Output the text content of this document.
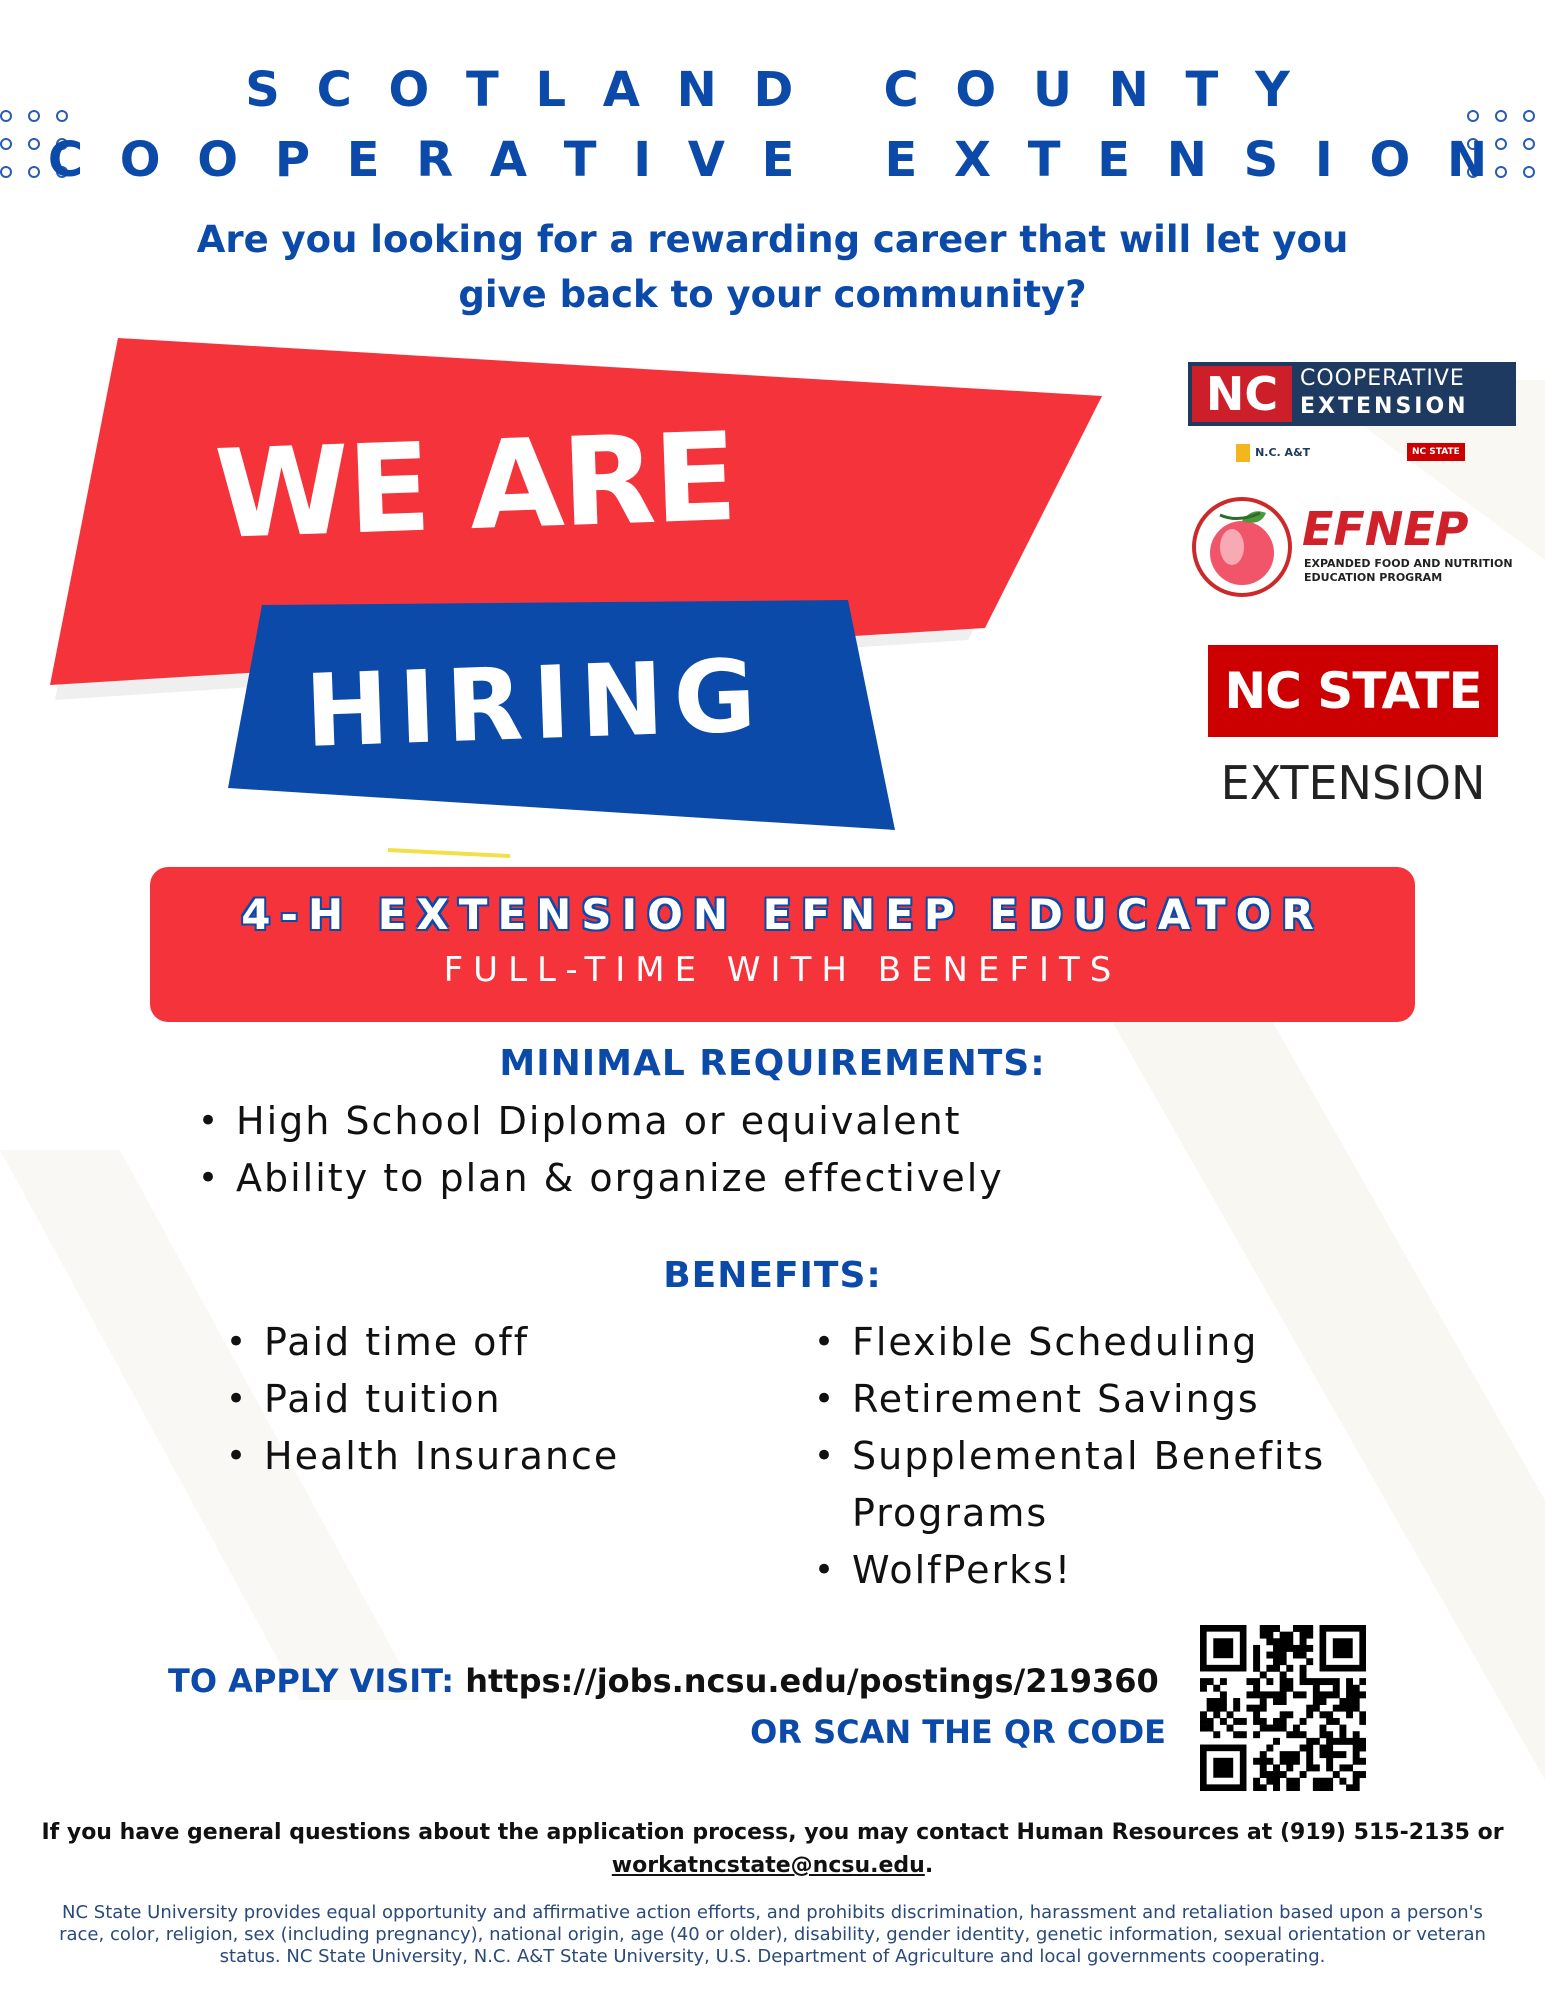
S C O T L A N D   C O U N T Y
C O O P E R A T I V E   E X T E N S I O N
Are you looking for a rewarding career that will let you
give back to your community?
WE ARE
HIRING
NC COOPERATIVE
EXTENSION
N.C. A&T	NC STATE
EFNEP
EXPANDED FOOD AND NUTRITION
EDUCATION PROGRAM
NC STATE
EXTENSION
4-H EXTENSION EFNEP EDUCATOR
FULL-TIME WITH BENEFITS
MINIMAL REQUIREMENTS:
• High School Diploma or equivalent
• Ability to plan & organize effectively
BENEFITS:
• Paid time off
• Paid tuition
• Health Insurance
• Flexible Scheduling
• Retirement Savings
• Supplemental Benefits Programs
• WolfPerks!
TO APPLY VISIT: https://jobs.ncsu.edu/postings/219360
OR SCAN THE QR CODE
If you have general questions about the application process, you may contact Human Resources at (919) 515-2135 or
workatncstate@ncsu.edu.
NC State University provides equal opportunity and affirmative action efforts, and prohibits discrimination, harassment and retaliation based upon a person's race, color, religion, sex (including pregnancy), national origin, age (40 or older), disability, gender identity, genetic information, sexual orientation or veteran status. NC State University, N.C. A&T State University, U.S. Department of Agriculture and local governments cooperating.
